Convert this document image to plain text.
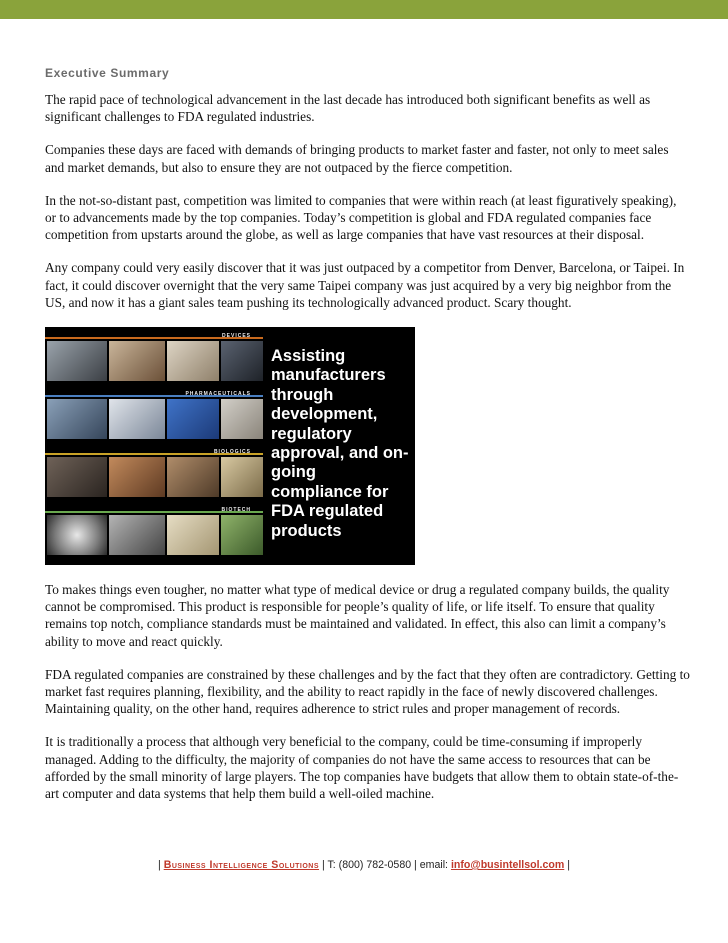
Executive Summary

The rapid pace of technological advancement in the last decade has introduced both significant benefits as well as significant challenges to FDA regulated industries.

Companies these days are faced with demands of bringing products to market faster and faster, not only to meet sales and market demands, but also to ensure they are not outpaced by the fierce competition.

In the not-so-distant past, competition was limited to companies that were within reach (at least figuratively speaking), or to advancements made by the top companies. Today’s competition is global and FDA regulated companies face competition from upstarts around the globe, as well as large companies that have vast resources at their disposal.

Any company could very easily discover that it was just outpaced by a competitor from Denver, Barcelona, or Taipei. In fact, it could discover overnight that the very same Taipei company was just acquired by a very big neighbor from the US, and now it has a giant sales team pushing its technologically advanced product. Scary thought.

DEVICES
PHARMACEUTICALS
BIOLOGICS
BIOTECH
Assisting manufacturers through development, regulatory approval, and on-going compliance for FDA regulated products

To makes things even tougher, no matter what type of medical device or drug a regulated company builds, the quality cannot be compromised. This product is responsible for people’s quality of life, or life itself. To ensure that quality remains top notch, compliance standards must be maintained and validated. In effect, this also can limit a company’s ability to move and react quickly.

FDA regulated companies are constrained by these challenges and by the fact that they often are contradictory. Getting to market fast requires planning, flexibility, and the ability to react rapidly in the face of newly discovered challenges. Maintaining quality, on the other hand, requires adherence to strict rules and proper management of records.

It is traditionally a process that although very beneficial to the company, could be time-consuming if improperly managed. Adding to the difficulty, the majority of companies do not have the same access to resources that can be afforded by the small minority of large players. The top companies have budgets that allow them to obtain state-of-the-art computer and data systems that help them build a well-oiled machine.

| Business Intelligence Solutions | T: (800) 782-0580 | email: info@busintellsol.com |
